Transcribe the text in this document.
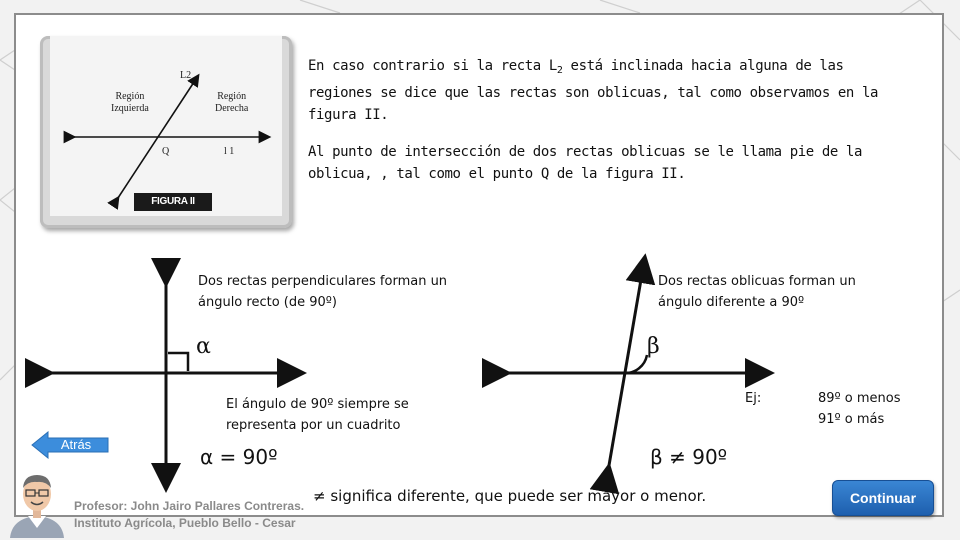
L2
Región
Izquierda
Región
Derecha
Q	l 1
FIGURA II
En caso contrario si la recta $L_2$ está inclinada hacia alguna de las regiones se dice que las rectas son oblicuas, tal como observamos en la figura II.
Al punto de intersección de dos rectas oblicuas se le llama pie de la oblicua, , tal como el punto Q de la figura II.
Dos rectas perpendiculares forman un ángulo recto (de 90º)
α
El ángulo de 90º siempre se representa por un cuadrito
α = 90º
Dos rectas oblicuas forman un ángulo diferente a 90º
β
Ej:	89º o menos 91º o más
β ≠ 90º
≠ significa diferente, que puede ser mayor o menor.
Atrás
Continuar
Profesor: John Jairo Pallares Contreras.
Instituto Agrícola, Pueblo Bello - Cesar
